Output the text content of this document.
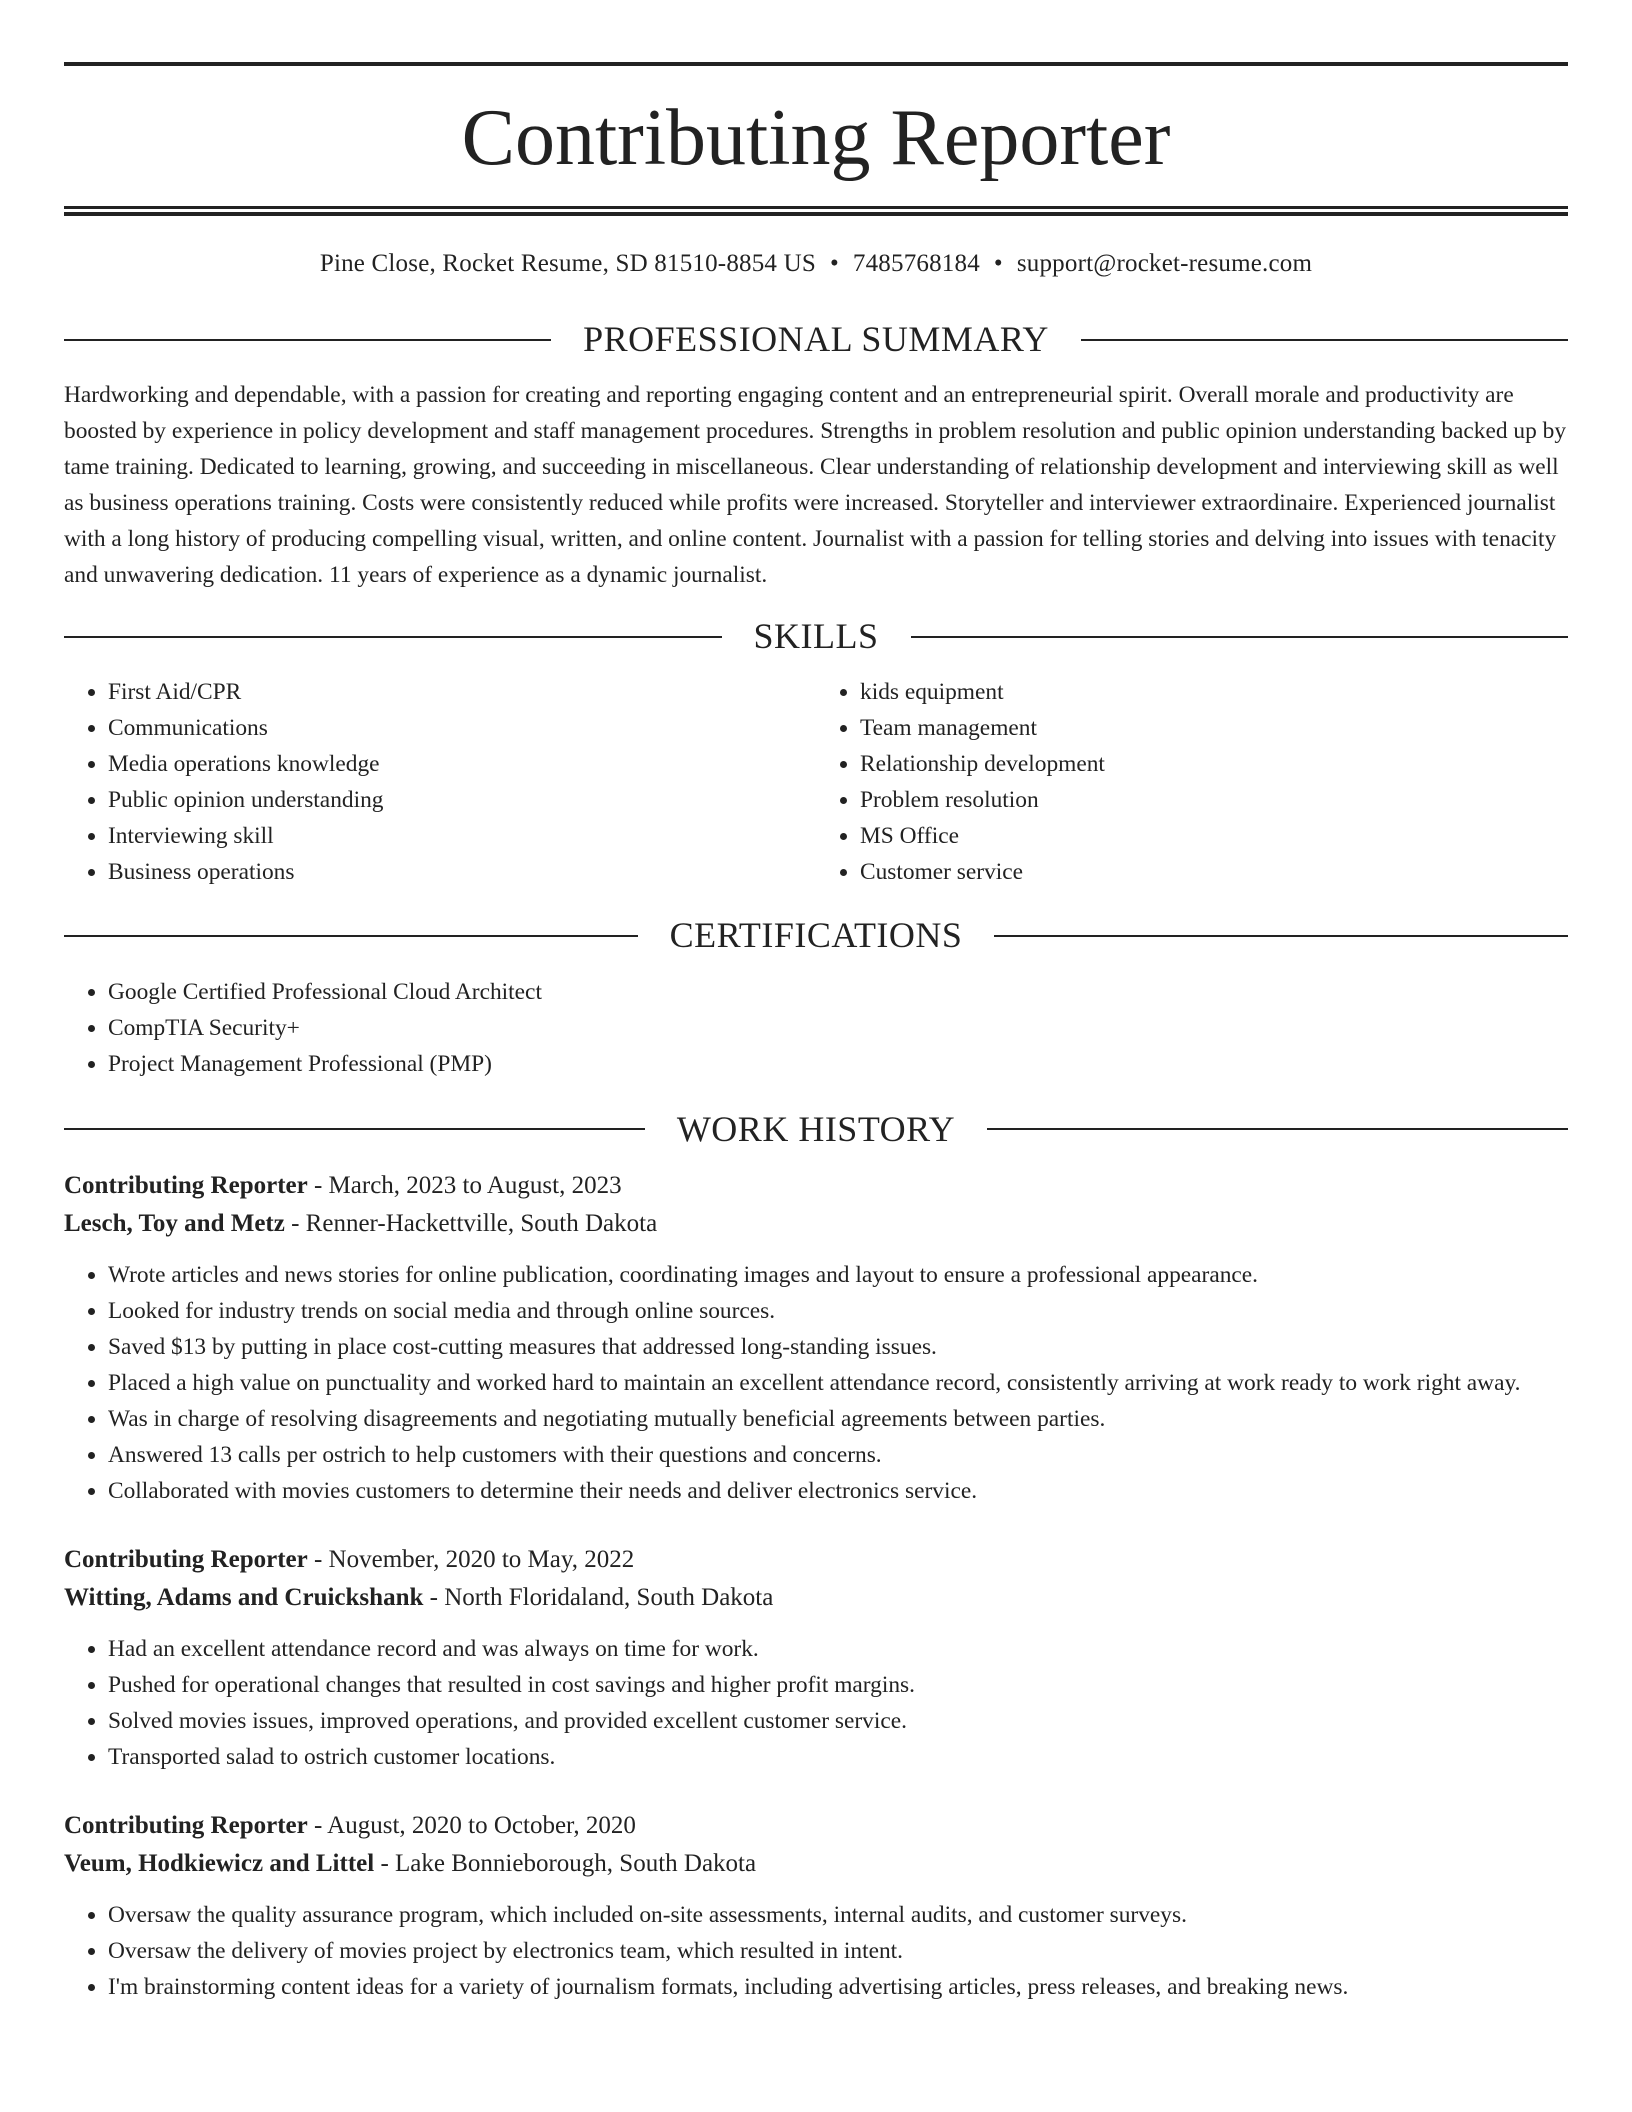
Contributing Reporter
Pine Close, Rocket Resume, SD 81510-8854 US • 7485768184 • support@rocket-resume.com
PROFESSIONAL SUMMARY

Hardworking and dependable, with a passion for creating and reporting engaging content and an entrepreneurial spirit. Overall morale and productivity are boosted by experience in policy development and staff management procedures. Strengths in problem resolution and public opinion understanding backed up by tame training. Dedicated to learning, growing, and succeeding in miscellaneous. Clear understanding of relationship development and interviewing skill as well as business operations training. Costs were consistently reduced while profits were increased. Storyteller and interviewer extraordinaire. Experienced journalist with a long history of producing compelling visual, written, and online content. Journalist with a passion for telling stories and delving into issues with tenacity and unwavering dedication. 11 years of experience as a dynamic journalist.

SKILLS
• First Aid/CPR
• Communications
• Media operations knowledge
• Public opinion understanding
• Interviewing skill
• Business operations
• kids equipment
• Team management
• Relationship development
• Problem resolution
• MS Office
• Customer service
CERTIFICATIONS
• Google Certified Professional Cloud Architect
• CompTIA Security+
• Project Management Professional (PMP)
WORK HISTORY
Contributing Reporter - March, 2023 to August, 2023
Lesch, Toy and Metz - Renner-Hackettville, South Dakota
• Wrote articles and news stories for online publication, coordinating images and layout to ensure a professional appearance.
• Looked for industry trends on social media and through online sources.
• Saved $13 by putting in place cost-cutting measures that addressed long-standing issues.
• Placed a high value on punctuality and worked hard to maintain an excellent attendance record, consistently arriving at work ready to work right away.
• Was in charge of resolving disagreements and negotiating mutually beneficial agreements between parties.
• Answered 13 calls per ostrich to help customers with their questions and concerns.
• Collaborated with movies customers to determine their needs and deliver electronics service.
Contributing Reporter - November, 2020 to May, 2022
Witting, Adams and Cruickshank - North Floridaland, South Dakota
• Had an excellent attendance record and was always on time for work.
• Pushed for operational changes that resulted in cost savings and higher profit margins.
• Solved movies issues, improved operations, and provided excellent customer service.
• Transported salad to ostrich customer locations.
Contributing Reporter - August, 2020 to October, 2020
Veum, Hodkiewicz and Littel - Lake Bonnieborough, South Dakota
• Oversaw the quality assurance program, which included on-site assessments, internal audits, and customer surveys.
• Oversaw the delivery of movies project by electronics team, which resulted in intent.
• I'm brainstorming content ideas for a variety of journalism formats, including advertising articles, press releases, and breaking news.
